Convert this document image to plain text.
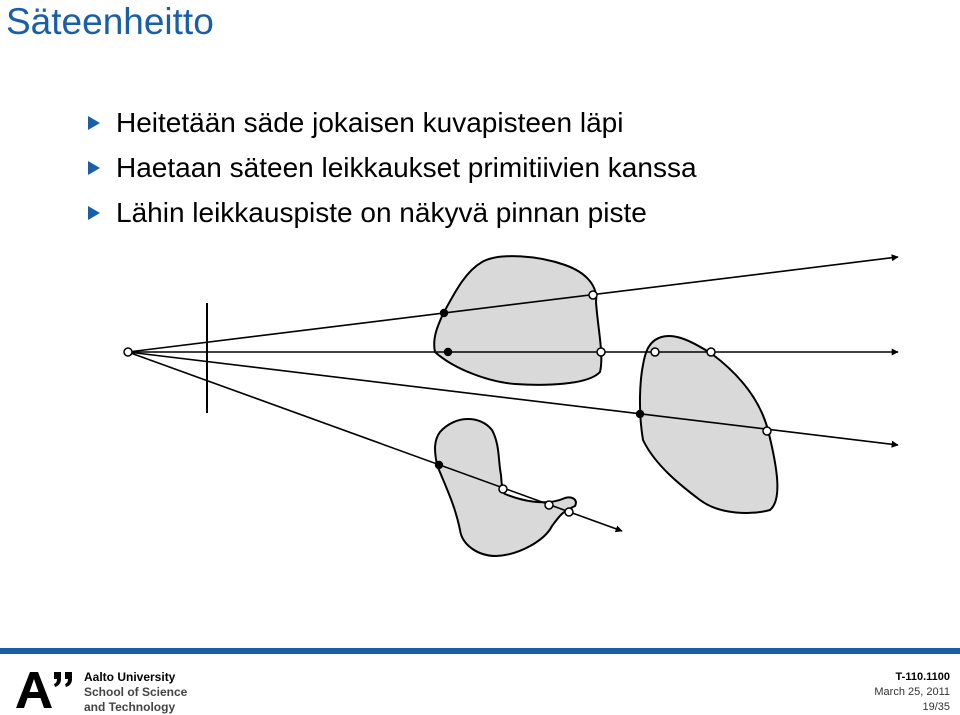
Säteenheitto
Heitetään säde jokaisen kuvapisteen läpi
Haetaan säteen leikkaukset primitiivien kanssa
Lähin leikkauspiste on näkyvä pinnan piste
Aalto University
School of Science
and Technology
T-110.1100
March 25, 2011
19/35
